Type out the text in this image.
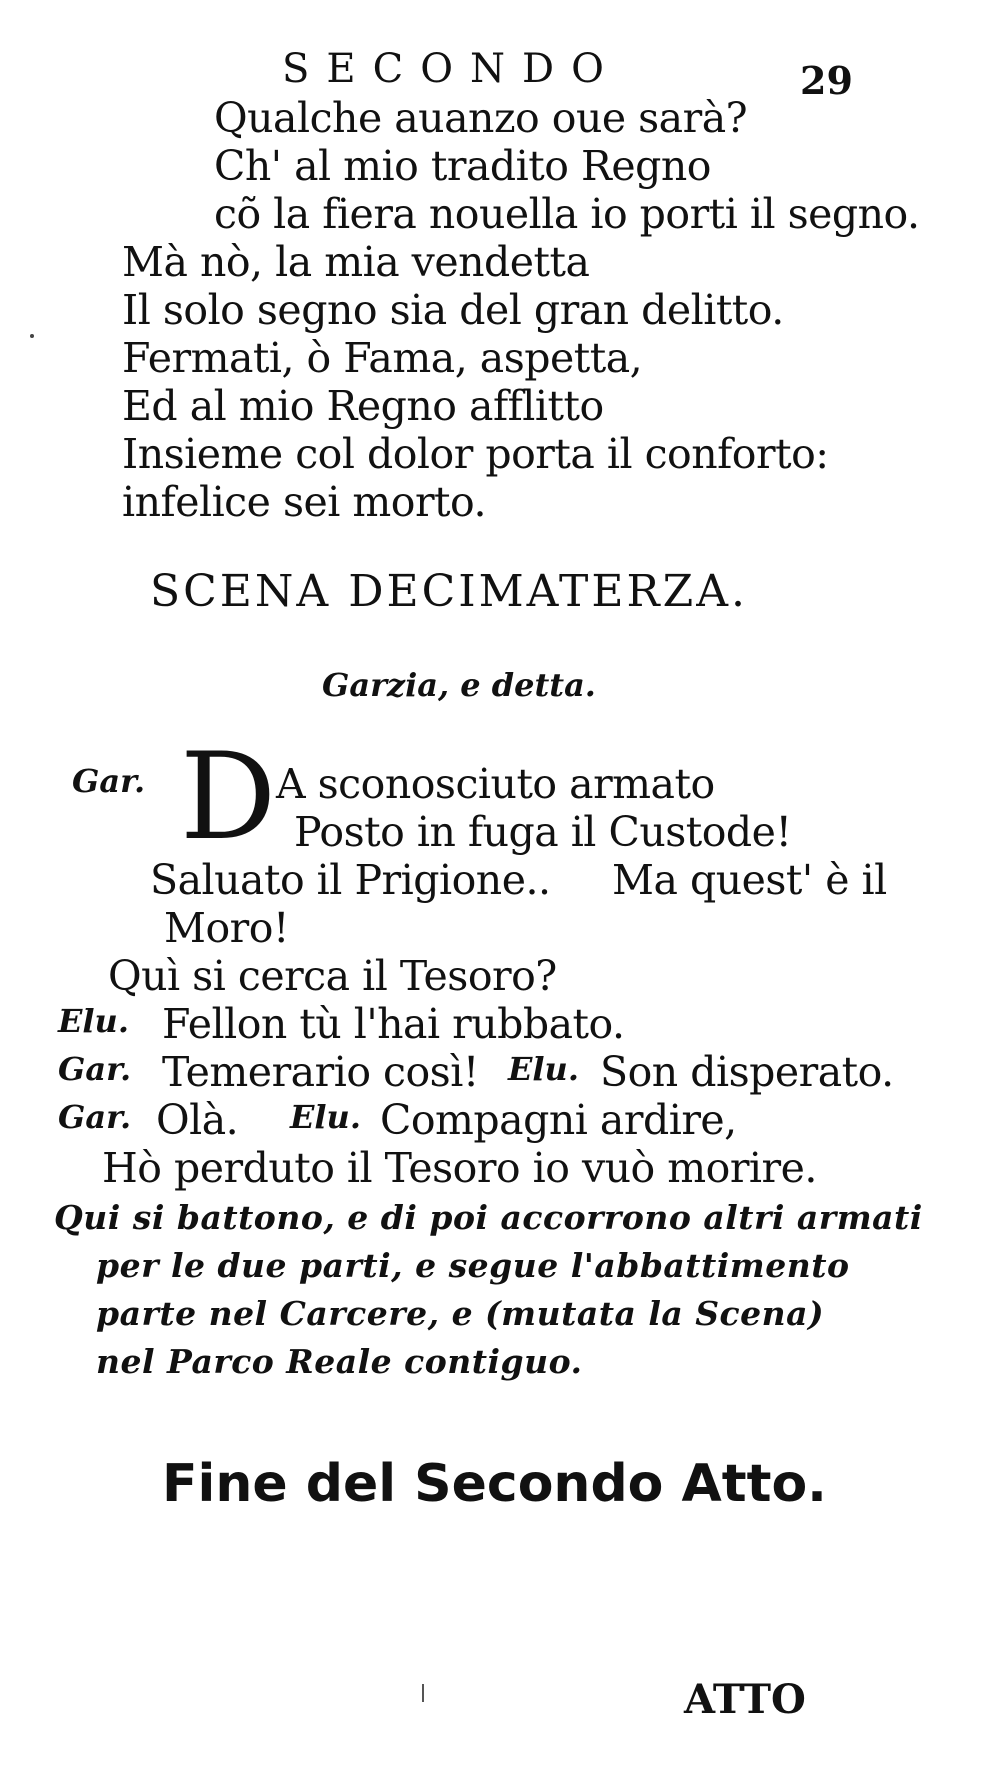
SECONDO	29
Qualche auanzo oue sarà?
Ch' al mio tradito Regno
cõ la fiera nouella io porti il segno.
Mà nò, la mia vendetta
Il solo segno sia del gran delitto.
Fermati, ò Fama, aspetta,
Ed al mio Regno afflitto
Insieme col dolor porta il conforto:
infelice sei morto.
SCENA DECIMATERZA.
Garzia, e detta.
Gar. D A sconosciuto armato
Posto in fuga il Custode!
Saluato il Prigione.. Ma quest' è il
Moro!
Quì si cerca il Tesoro?
Elu. Fellon tù l'hai rubbato.
Gar. Temerario così! Elu. Son disperato.
Gar. Olà. Elu. Compagni ardire,
Hò perduto il Tesoro io vuò morire.
Qui si battono, e di poi accorrono altri armati
per le due parti, e segue l'abbattimento
parte nel Carcere, e (mutata la Scena)
nel Parco Reale contiguo.
Fine del Secondo Atto.
ATTO
